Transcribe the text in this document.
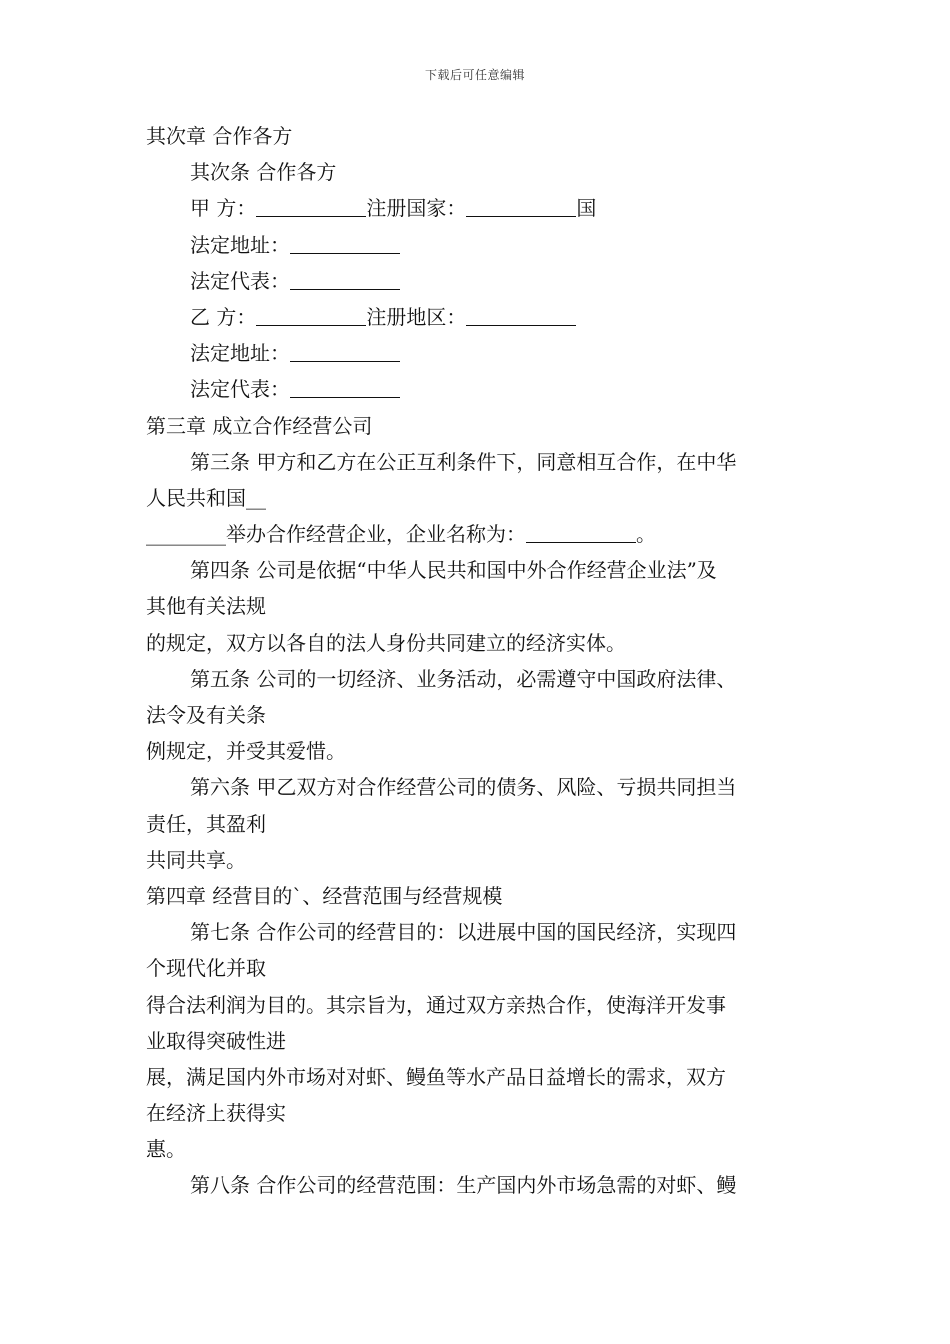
下载后可任意编辑
其次章 合作各方
其次条 合作各方
甲 方：	注册国家：	国
法定地址：
法定代表：
乙 方：	注册地区：
法定地址：
法定代表：
第三章 成立合作经营公司
第三条 甲方和乙方在公正互利条件下，同意相互合作，在中华
人民共和国__
________举办合作经营企业，企业名称为：	。
第四条 公司是依据“中华人民共和国中外合作经营企业法”及
其他有关法规
的规定，双方以各自的法人身份共同建立的经济实体。
第五条 公司的一切经济、业务活动，必需遵守中国政府法律、
法令及有关条
例规定，并受其爱惜。
第六条 甲乙双方对合作经营公司的债务、风险、亏损共同担当
责任，其盈利
共同共享。
第四章 经营目的`、经营范围与经营规模
第七条 合作公司的经营目的：以进展中国的国民经济，实现四
个现代化并取
得合法利润为目的。其宗旨为，通过双方亲热合作，使海洋开发事
业取得突破性进
展，满足国内外市场对对虾、鳗鱼等水产品日益增长的需求，双方
在经济上获得实
惠。
第八条 合作公司的经营范围：生产国内外市场急需的对虾、鳗
